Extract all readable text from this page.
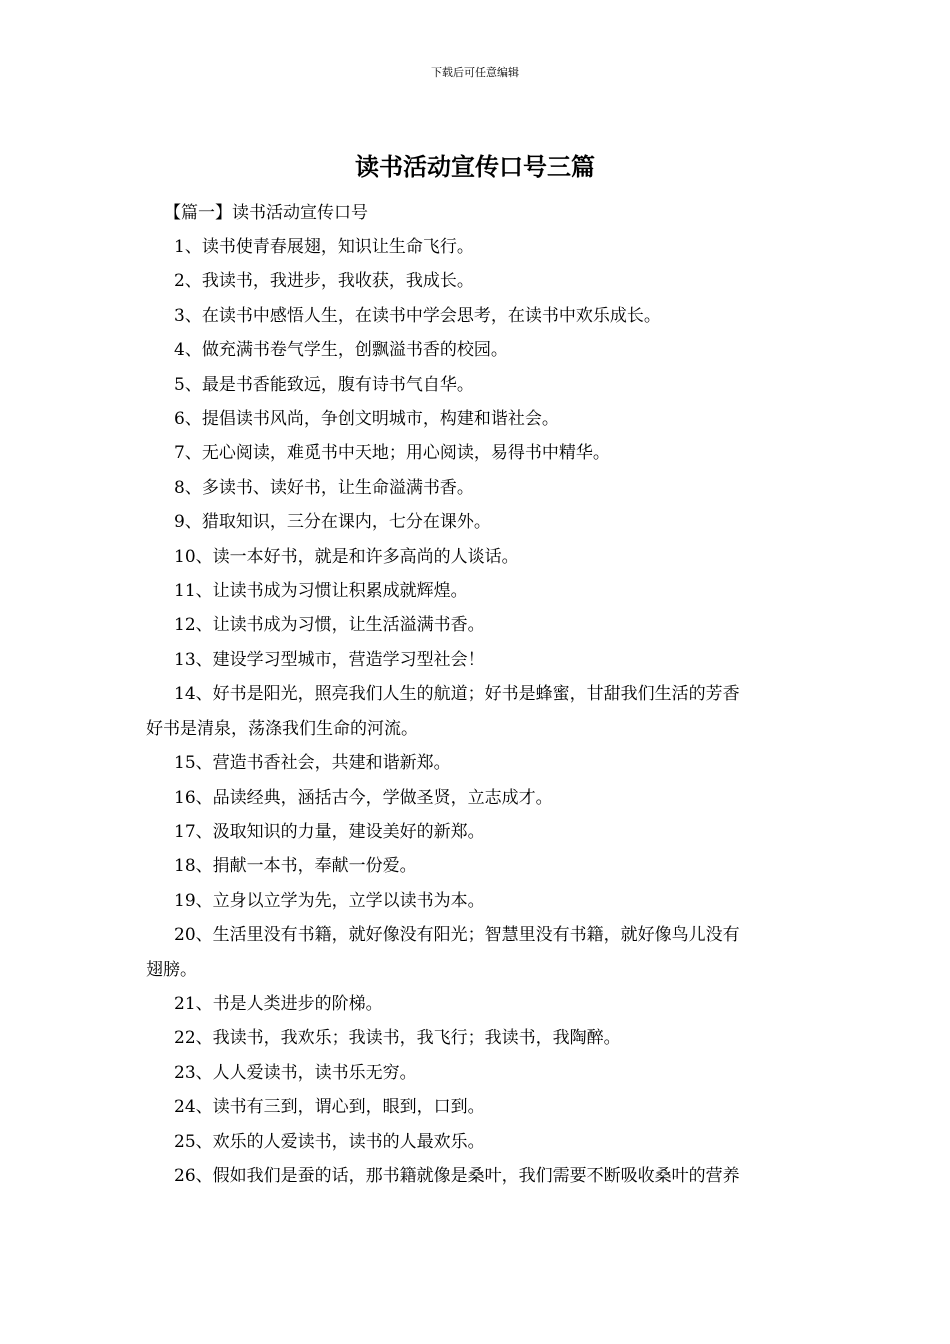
下载后可任意编辑
读书活动宣传口号三篇

【篇一】读书活动宣传口号

1、读书使青春展翅，知识让生命飞行。

2、我读书，我进步，我收获，我成长。

3、在读书中感悟人生，在读书中学会思考，在读书中欢乐成长。

4、做充满书卷气学生，创飘溢书香的校园。

5、最是书香能致远，腹有诗书气自华。

6、提倡读书风尚，争创文明城市，构建和谐社会。

7、无心阅读，难觅书中天地；用心阅读，易得书中精华。

8、多读书、读好书，让生命溢满书香。

9、猎取知识，三分在课内，七分在课外。

10、读一本好书，就是和许多高尚的人谈话。

11、让读书成为习惯让积累成就辉煌。

12、让读书成为习惯，让生活溢满书香。

13、建设学习型城市，营造学习型社会！

14、好书是阳光，照亮我们人生的航道；好书是蜂蜜，甘甜我们生活的芳香

好书是清泉，荡涤我们生命的河流。

15、营造书香社会，共建和谐新郑。

16、品读经典，涵括古今，学做圣贤，立志成才。

17、汲取知识的力量，建设美好的新郑。

18、捐献一本书，奉献一份爱。

19、立身以立学为先，立学以读书为本。

20、生活里没有书籍，就好像没有阳光；智慧里没有书籍，就好像鸟儿没有

翅膀。

21、书是人类进步的阶梯。

22、我读书，我欢乐；我读书，我飞行；我读书，我陶醉。

23、人人爱读书，读书乐无穷。

24、读书有三到，谓心到，眼到，口到。

25、欢乐的人爱读书，读书的人最欢乐。

26、假如我们是蚕的话，那书籍就像是桑叶，我们需要不断吸收桑叶的营养
